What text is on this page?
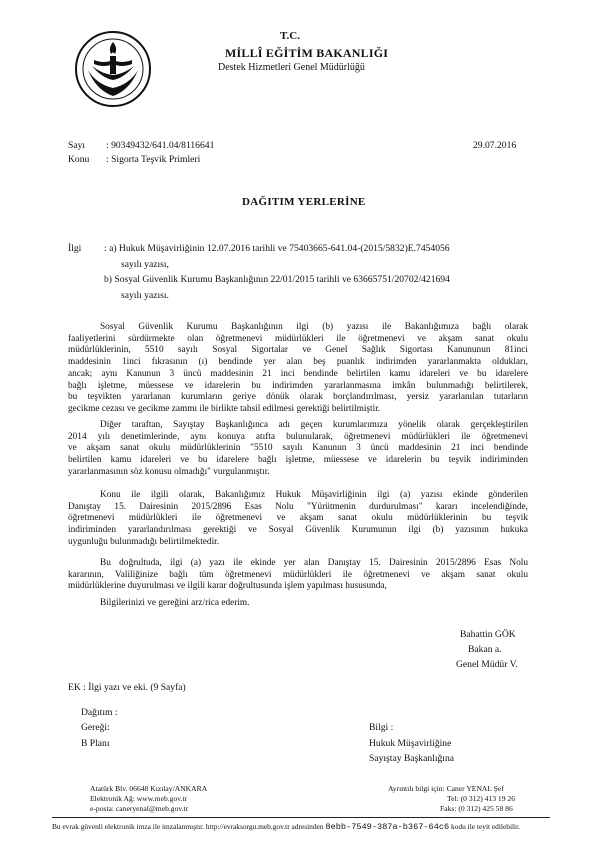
T.C.
MİLLÎ EĞİTİM BAKANLIĞI
Destek Hizmetleri Genel Müdürlüğü
Sayı : 90349432/641.04/8116641	29.07.2016
Konu : Sigorta Teşvik Primleri
DAĞITIM YERLERİNE
İlgi : a) Hukuk Müşavirliğinin 12.07.2016 tarihli ve 75403665-641.04-(2015/5832)E.7454056
sayılı yazısı,
b) Sosyal Güvenlik Kurumu Başkanlığının 22/01/2015 tarihli ve 63665751/20702/421694
sayılı yazısı.
Sosyal Güvenlik Kurumu Başkanlığının ilgi (b) yazısı ile Bakanlığımıza bağlı olarak
faaliyetlerini sürdürmekte olan öğretmenevi müdürlükleri ile öğretmenevi ve akşam sanat okulu
müdürlüklerinin, 5510 sayılı Sosyal Sigortalar ve Genel Sağlık Sigortası Kanununun 81inci
maddesinin 1inci fıkrasının (ı) bendinde yer alan beş puanlık indirimden yararlanmakta oldukları,
ancak; aynı Kanunun 3 üncü maddesinin 21 inci bendinde belirtilen kamu idareleri ve bu idarelere
bağlı işletme, müessese ve idarelerin bu indirimden yararlanmasına imkân bulunmadığı belirtilerek,
bu teşvikten yararlanan kurumların geriye dönük olarak borçlandırılması, yersiz yararlanılan tutarların
gecikme cezası ve gecikme zammı ile birlikte tahsil edilmesi gerektiği belirtilmiştir.
Diğer taraftan, Sayıştay Başkanlığınca adı geçen kurumlarımıza yönelik olarak gerçekleştirilen
2014 yılı denetimlerinde, aynı konuya atıfta bulunularak, öğretmenevi müdürlükleri ile öğretmenevi
ve akşam sanat okulu müdürlüklerinin "5510 sayılı Kanunun 3 üncü maddesinin 21 inci bendinde
belirtilen kamu idareleri ve bu idarelere bağlı işletme, müessese ve idarelerin bu teşvik indiriminden
yararlanmasının söz konusu olmadığı" vurgulanmıştır.
Konu ile ilgili olarak, Bakanlığımız Hukuk Müşavirliğinin ilgi (a) yazısı ekinde gönderilen
Danıştay 15. Dairesinin 2015/2896 Esas Nolu "Yürütmenin durdurulması" kararı incelendiğinde,
öğretmenevi müdürlükleri ile öğretmenevi ve akşam sanat okulu müdürlüklerinin bu teşvik
indiriminden yararlandırılması gerektiği ve Sosyal Güvenlik Kurumunun ilgi (b) yazısının hukuka
uygunluğu bulunmadığı belirtilmektedir.
Bu doğrultuda, ilgi (a) yazı ile ekinde yer alan Danıştay 15. Dairesinin 2015/2896 Esas Nolu
kararının, Valiliğinize bağlı tüm öğretmenevi müdürlükleri ile öğretmenevi ve akşam sanat okulu
müdürlüklerine duyurulması ve ilgili karar doğrultusunda işlem yapılması hususunda,
Bilgilerinizi ve gereğini arz/rica ederim.
Bahattin GÖK
Bakan a.
Genel Müdür V.
EK : İlgi yazı ve eki. (9 Sayfa)
Dağıtım :
Gereği:
B Planı
Bilgi :
Hukuk Müşavirliğine
Sayıştay Başkanlığına
Atatürk Blv. 06648 Kızılay/ANKARA
Elektronik Ağ: www.meb.gov.tr
e-posta: caneryenal@meb.gov.tr
Ayrıntılı bilgi için: Caner YENAL Şef
Tel: (0 312) 413 19 26
Faks: (0 312) 425 58 86
Bu evrak güvenli elektronik imza ile imzalanmıştır. http://evraksorgu.meb.gov.tr adresinden 8ebb-7549-387a-b367-64c6 kodu ile teyit edilebilir.
